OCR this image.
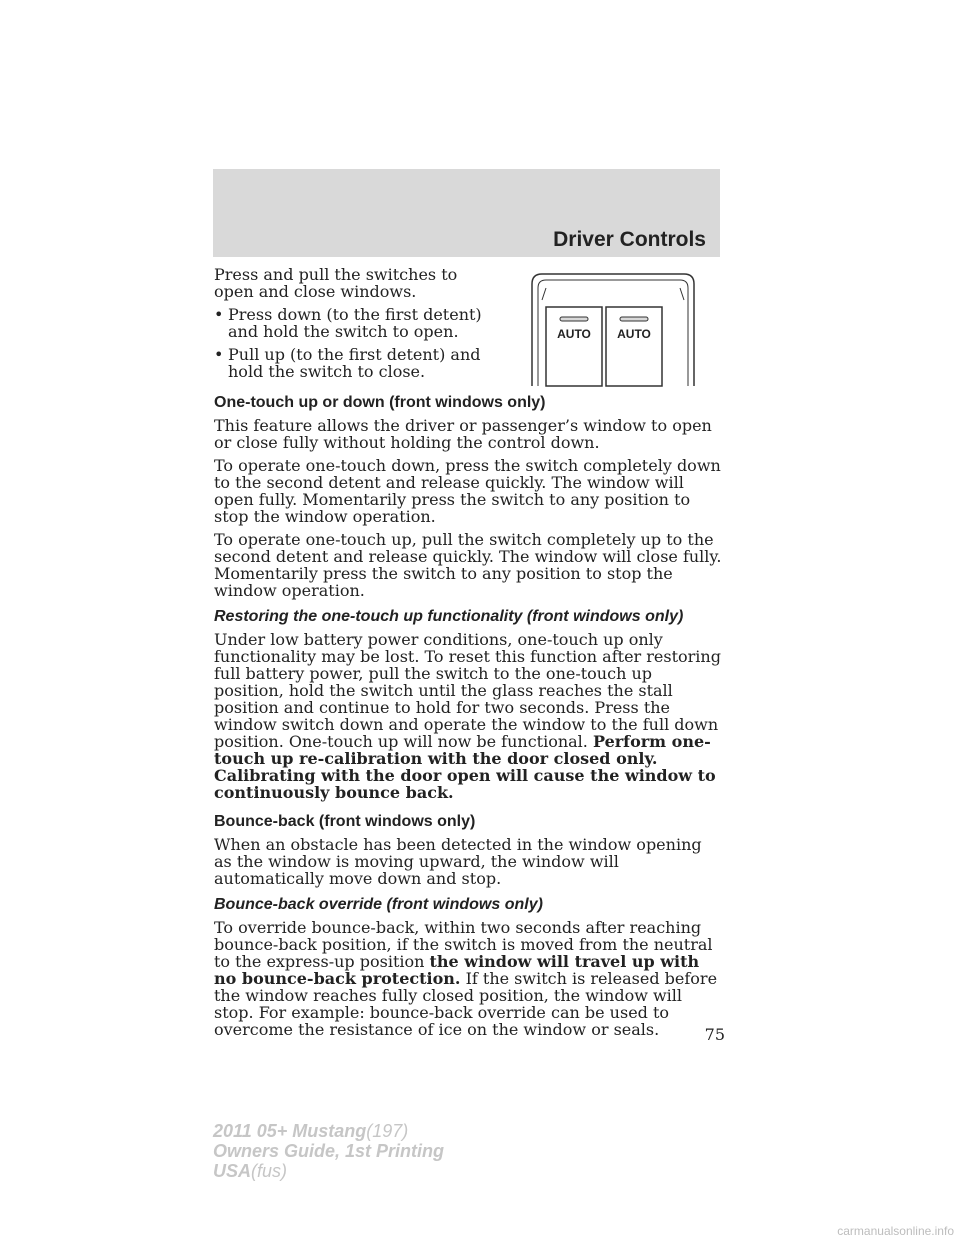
Driver Controls
AUTO AUTO

Press and pull the switches to open and close windows.

• Press down (to the first detent) and hold the switch to open.
• Pull up (to the first detent) and hold the switch to close.
One-touch up or down (front windows only)

This feature allows the driver or passenger’s window to open or close fully without holding the control down.

To operate one-touch down, press the switch completely down to the second detent and release quickly. The window will open fully. Momentarily press the switch to any position to stop the window operation.

To operate one-touch up, pull the switch completely up to the second detent and release quickly. The window will close fully. Momentarily press the switch to any position to stop the window operation.

Restoring the one-touch up functionality (front windows only)

Under low battery power conditions, one-touch up only functionality may be lost. To reset this function after restoring full battery power, pull the switch to the one-touch up position, hold the switch until the glass reaches the stall position and continue to hold for two seconds. Press the window switch down and operate the window to the full down position. One-touch up will now be functional. Perform one-touch up re-calibration with the door closed only. Calibrating with the door open will cause the window to continuously bounce back.

Bounce-back (front windows only)

When an obstacle has been detected in the window opening as the window is moving upward, the window will automatically move down and stop.

Bounce-back override (front windows only)

To override bounce-back, within two seconds after reaching bounce-back position, if the switch is moved from the neutral to the express-up position the window will travel up with no bounce-back protection. If the switch is released before the window reaches fully closed position, the window will stop. For example: bounce-back override can be used to overcome the resistance of ice on the window or seals.	75
2011 05+ Mustang(197)
Owners Guide, 1st Printing
USA(fus)
carmanualsonline.info
